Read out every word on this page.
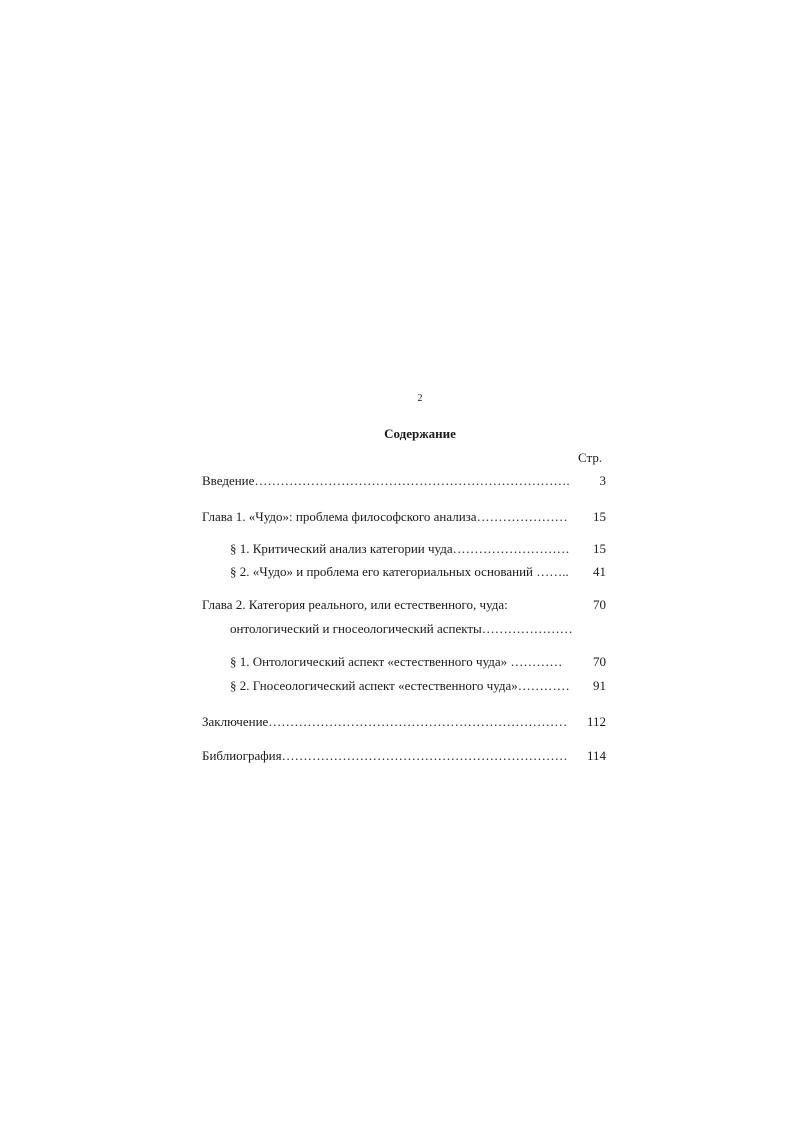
2
Содержание
Стр.
Введение………………………………………………………………. 3
Глава 1. «Чудо»: проблема философского анализа………………… 15
§ 1. Критический анализ категории чуда……………………… 15
§ 2. «Чудо» и проблема его категориальных оснований …….. 41
Глава 2. Категория реального, или естественного, чуда:	70
онтологический и гносеологический аспекты…………………
§ 1. Онтологический аспект «естественного чуда» ………… 70
§ 2. Гносеологический аспект «естественного чуда»………… 91
Заключение…………………………………………………………… 112
Библиография………………………………………………………… 114
